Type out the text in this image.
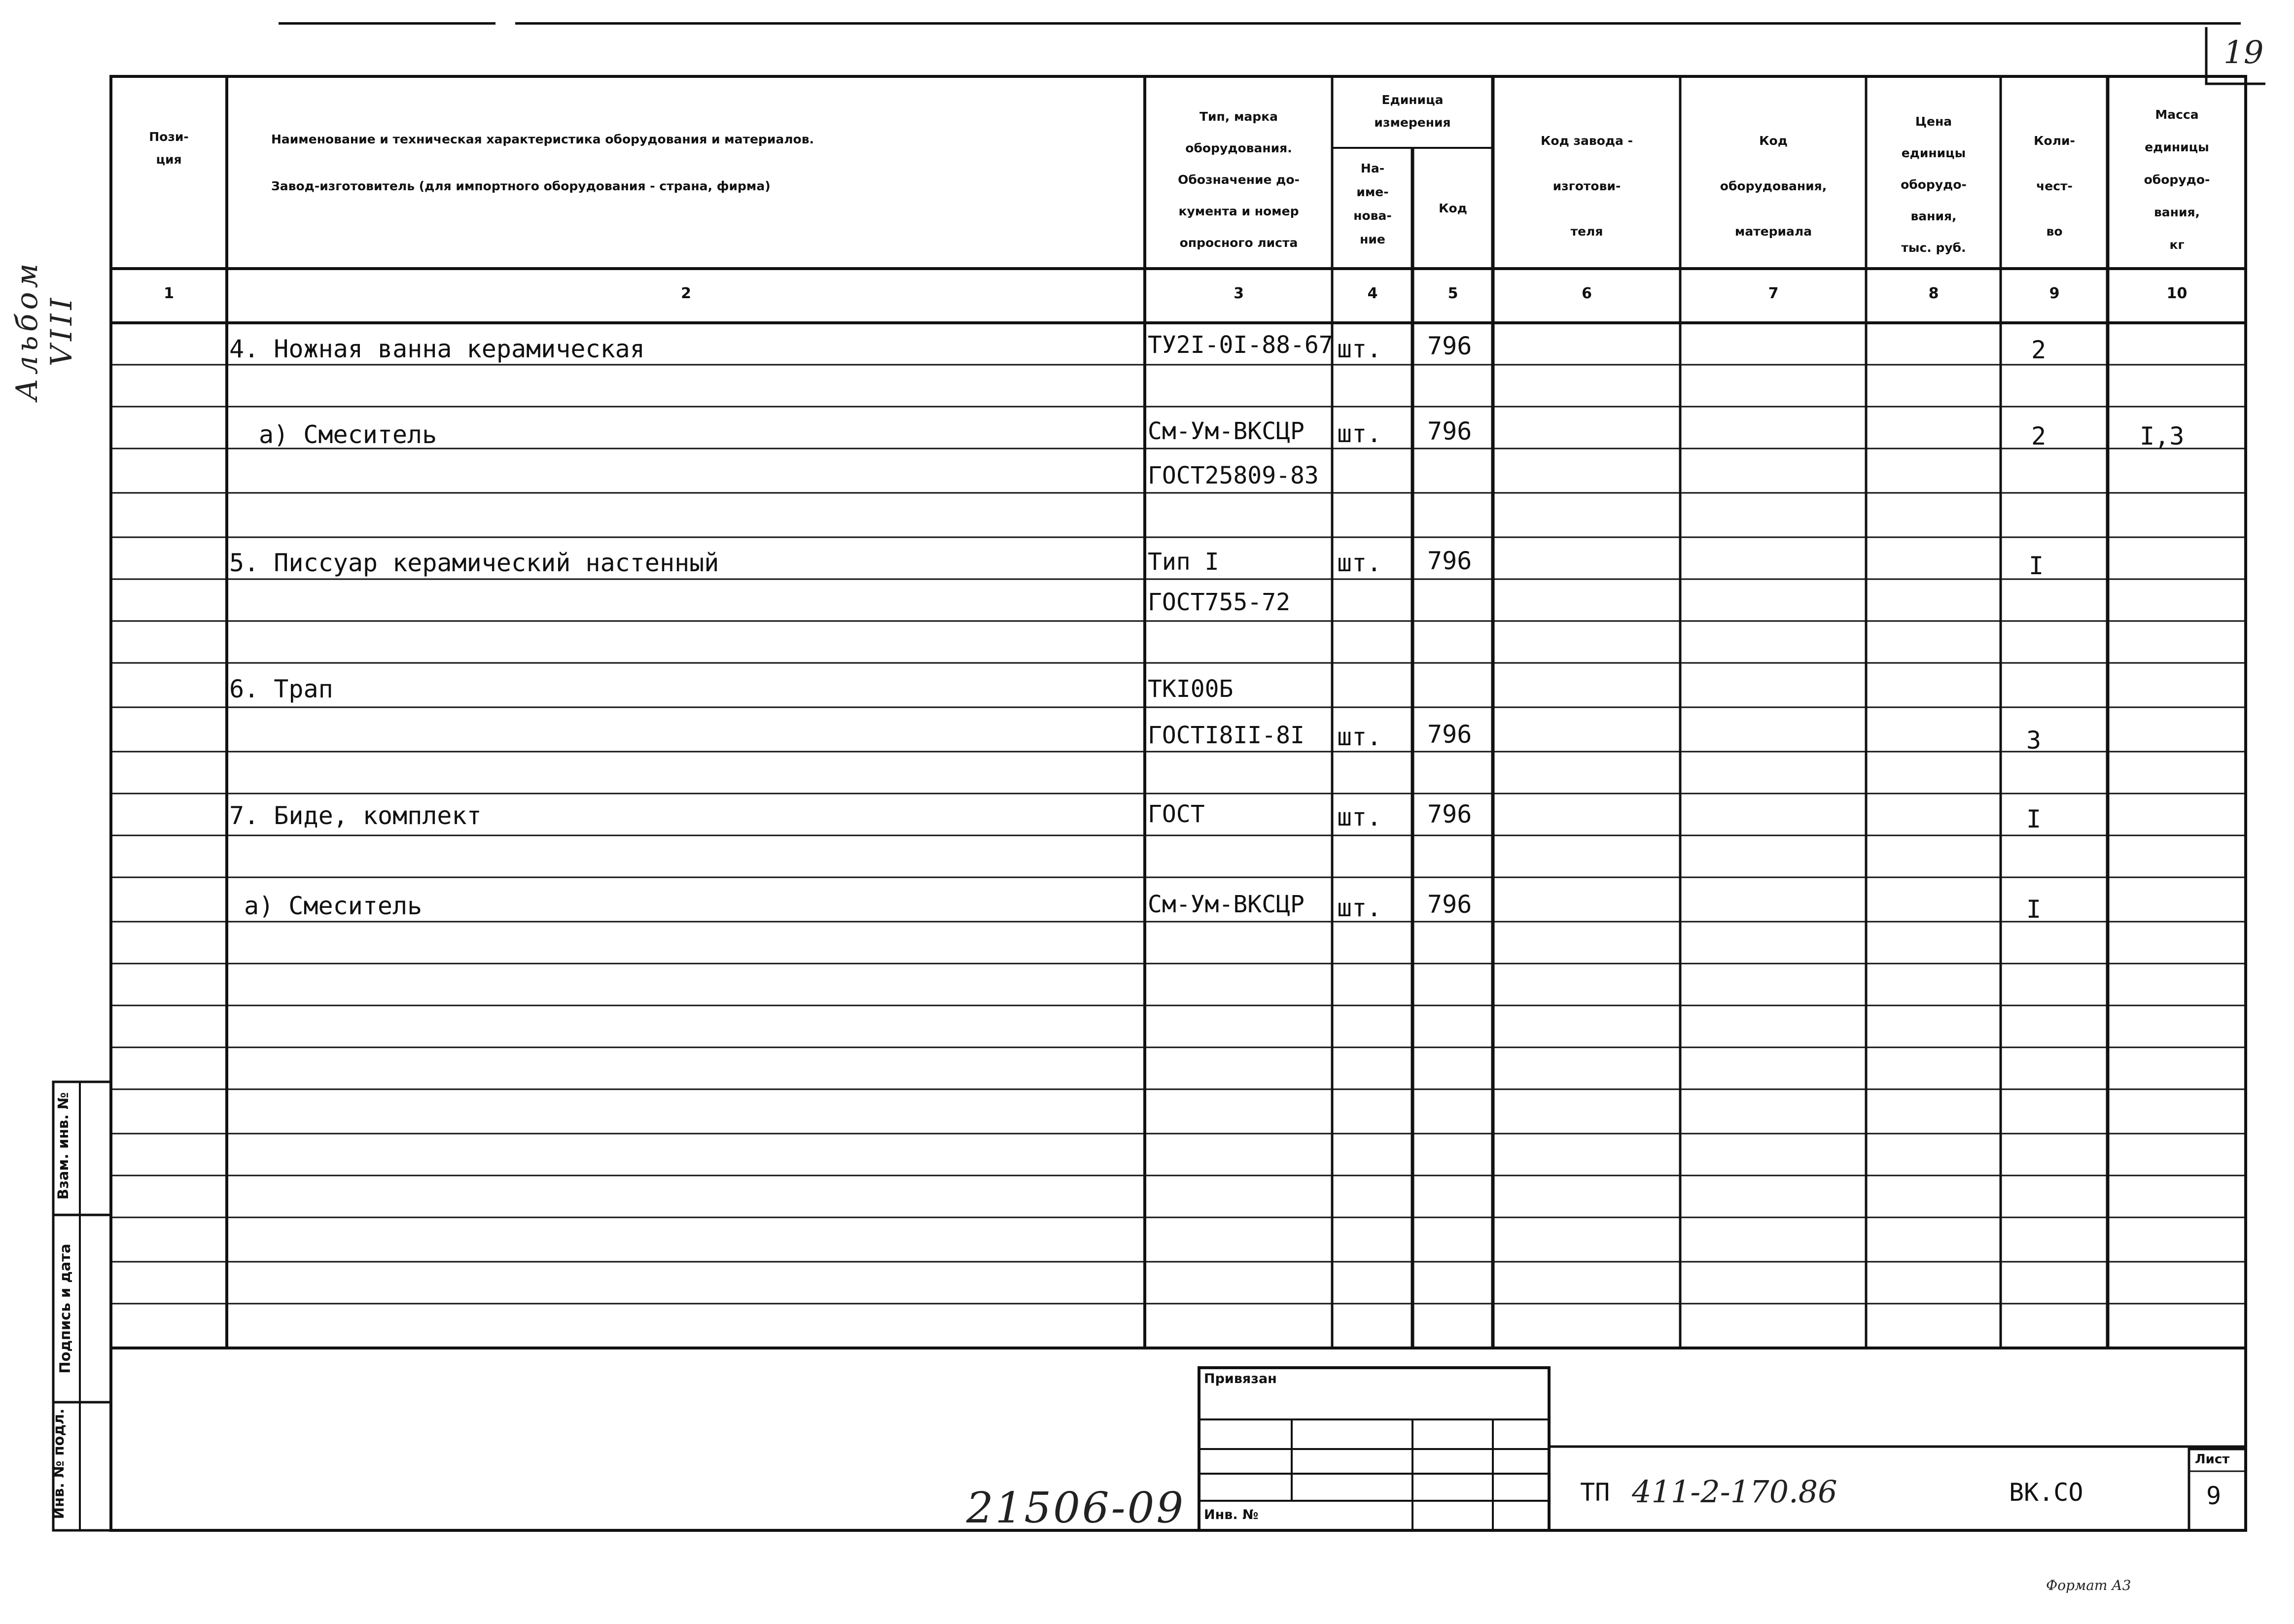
19
Альбом VIII
Пози-
ция
Наименование и техническая характеристика оборудования и материалов.
Завод-изготовитель (для импортного оборудования - страна, фирма)
Тип, марка
оборудования.
Обозначение до-
кумента и номер
опросного листа
Единица
измерения
На-
име-
нова-
ние
Код
Код завода -
изготови-
теля
Код
оборудования,
материала
Цена
единицы
оборудо-
вания,
тыс. руб.
Коли-
чест-
во
Масса
единицы
оборудо-
вания,
кг
1	2	3	4	5	6	7	8	9	10
4. Ножная ванна керамическая	ТУ2I-0I-88-67 шт. 796	2
а) Смеситель	См-Ум-ВКСЦР шт. 796	2	I,3
ГОСТ25809-83
5. Писсуар керамический настенный	Тип I	шт. 796	I
ГОСТ755-72
6. Трап	ТКI00Б
ГОСТI8II-8I шт. 796	3
7. Биде, комплект	ГОСТ	шт. 796	I
а) Смеситель	См-Ум-ВКСЦР шт. 796	I
Взам. инв. №
Подпись и дата
Инв. № подл.
Привязан
Инв. №
21506-09	ТП 411-2-170.86	ВК.СО
Лист
9
Формат А3
